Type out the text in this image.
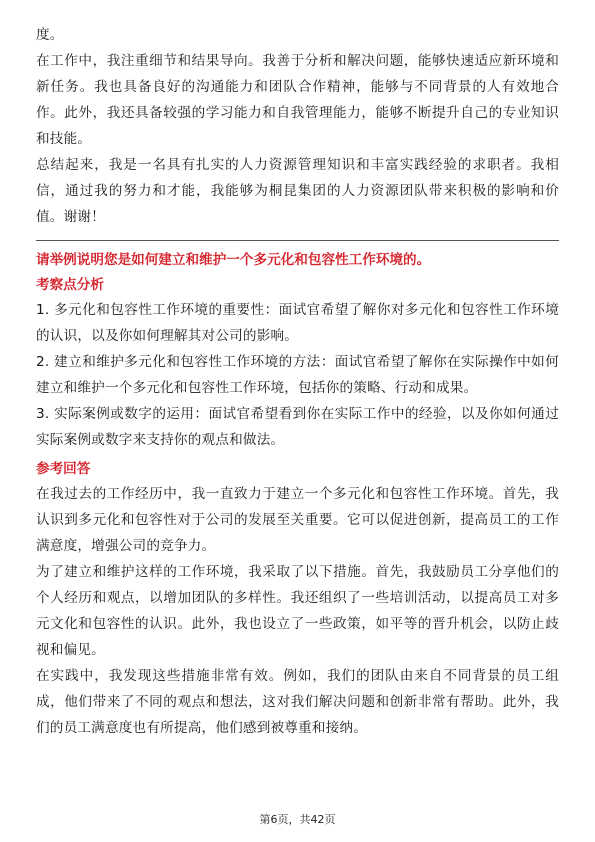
度。

在工作中，我注重细节和结果导向。我善于分析和解决问题，能够快速适应新环境和新任务。我也具备良好的沟通能力和团队合作精神，能够与不同背景的人有效地合作。此外，我还具备较强的学习能力和自我管理能力，能够不断提升自己的专业知识和技能。

总结起来，我是一名具有扎实的人力资源管理知识和丰富实践经验的求职者。我相信，通过我的努力和才能，我能够为桐昆集团的人力资源团队带来积极的影响和价值。谢谢！

请举例说明您是如何建立和维护一个多元化和包容性工作环境的。

考察点分析

1. 多元化和包容性工作环境的重要性：面试官希望了解你对多元化和包容性工作环境的认识，以及你如何理解其对公司的影响。

2. 建立和维护多元化和包容性工作环境的方法：面试官希望了解你在实际操作中如何建立和维护一个多元化和包容性工作环境，包括你的策略、行动和成果。

3. 实际案例或数字的运用：面试官希望看到你在实际工作中的经验，以及你如何通过实际案例或数字来支持你的观点和做法。

参考回答

在我过去的工作经历中，我一直致力于建立一个多元化和包容性工作环境。首先，我认识到多元化和包容性对于公司的发展至关重要。它可以促进创新，提高员工的工作满意度，增强公司的竞争力。

为了建立和维护这样的工作环境，我采取了以下措施。首先，我鼓励员工分享他们的个人经历和观点，以增加团队的多样性。我还组织了一些培训活动，以提高员工对多元文化和包容性的认识。此外，我也设立了一些政策，如平等的晋升机会，以防止歧视和偏见。

在实践中，我发现这些措施非常有效。例如，我们的团队由来自不同背景的员工组成，他们带来了不同的观点和想法，这对我们解决问题和创新非常有帮助。此外，我们的员工满意度也有所提高，他们感到被尊重和接纳。

第6页，共42页
